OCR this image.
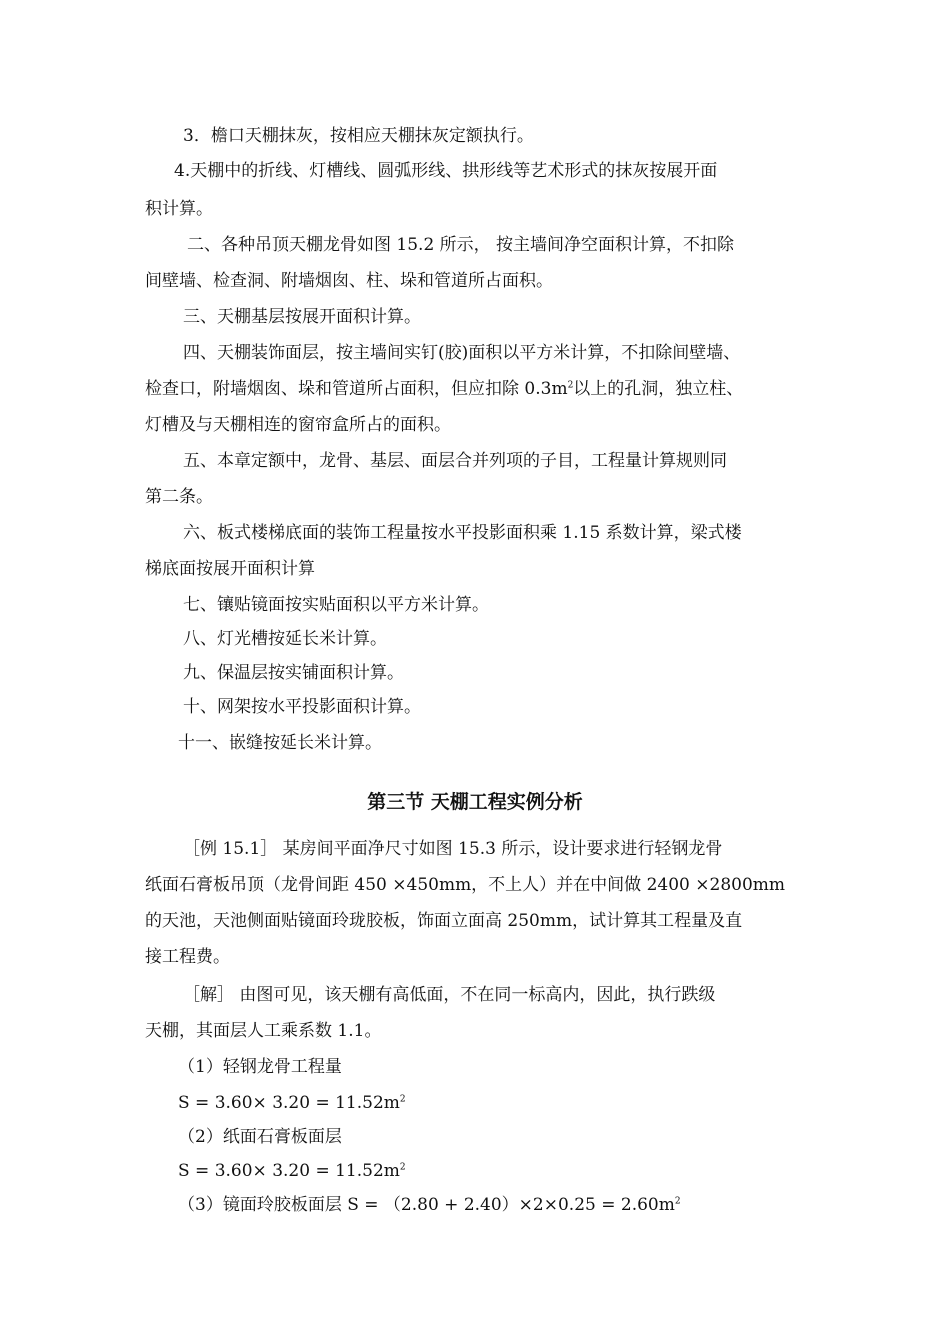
3．檐口天棚抹灰，按相应天棚抹灰定额执行。
4.天棚中的折线、灯槽线、圆弧形线、拱形线等艺术形式的抹灰按展开面
积计算。
二、各种吊顶天棚龙骨如图 15.2 所示， 按主墙间净空面积计算，不扣除
间壁墙、检查洞、附墙烟囱、柱、垛和管道所占面积。
三、天棚基层按展开面积计算。
四、天棚装饰面层，按主墙间实钉(胶)面积以平方米计算，不扣除间壁墙、
检查口，附墙烟囱、垛和管道所占面积，但应扣除 $0.3m^2$以上的孔洞，独立柱、
灯槽及与天棚相连的窗帘盒所占的面积。
五、本章定额中，龙骨、基层、面层合并列项的子目，工程量计算规则同
第二条。
六、板式楼梯底面的装饰工程量按水平投影面积乘 1.15 系数计算，梁式楼
梯底面按展开面积计算
七、镶贴镜面按实贴面积以平方米计算。
八、灯光槽按延长米计算。
九、保温层按实铺面积计算。
十、网架按水平投影面积计算。
十一、嵌缝按延长米计算。
第三节 天棚工程实例分析
［例 15.1］ 某房间平面净尺寸如图 15.3 所示，设计要求进行轻钢龙骨
纸面石膏板吊顶（龙骨间距 450 ×450mm，不上人）并在中间做 2400 ×2800mm
的天池，天池侧面贴镜面玲珑胶板，饰面立面高 250mm，试计算其工程量及直
接工程费。
［解］ 由图可见，该天棚有高低面，不在同一标高内，因此，执行跌级
天棚，其面层人工乘系数 1.1。
（1）轻钢龙骨工程量
$S = 3.60\times 3.20 = 11.52m^2$
（2）纸面石膏板面层
$S = 3.60\times 3.20 = 11.52m^2$
（3）镜面玲胶板面层 $S = (2.80 + 2.40)\times 2\times 0.25 = 2.60m^2$
